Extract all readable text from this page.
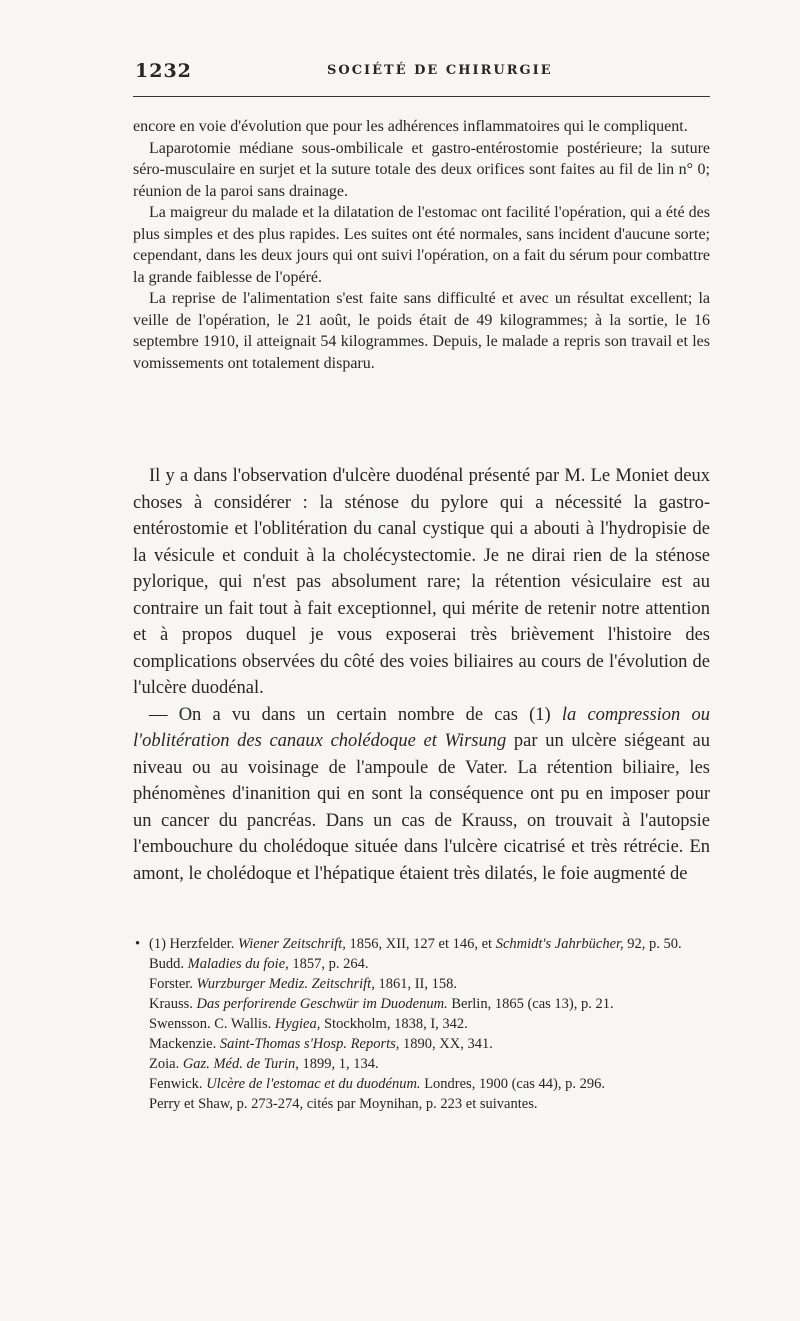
1232	SOCIÉTÉ DE CHIRURGIE

encore en voie d'évolution que pour les adhérences inflammatoires qui le compliquent.

Laparotomie médiane sous-ombilicale et gastro-entérostomie postérieure; la suture séro-musculaire en surjet et la suture totale des deux orifices sont faites au fil de lin n° 0; réunion de la paroi sans drainage.

La maigreur du malade et la dilatation de l'estomac ont facilité l'opération, qui a été des plus simples et des plus rapides. Les suites ont été normales, sans incident d'aucune sorte; cependant, dans les deux jours qui ont suivi l'opération, on a fait du sérum pour combattre la grande faiblesse de l'opéré.

La reprise de l'alimentation s'est faite sans difficulté et avec un résultat excellent; la veille de l'opération, le 21 août, le poids était de 49 kilogrammes; à la sortie, le 16 septembre 1910, il atteignait 54 kilogrammes. Depuis, le malade a repris son travail et les vomissements ont totalement disparu.

Il y a dans l'observation d'ulcère duodénal présenté par M. Le Moniet deux choses à considérer : la sténose du pylore qui a nécessité la gastro-entérostomie et l'oblitération du canal cystique qui a abouti à l'hydropisie de la vésicule et conduit à la cholécystectomie. Je ne dirai rien de la sténose pylorique, qui n'est pas absolument rare; la rétention vésiculaire est au contraire un fait tout à fait exceptionnel, qui mérite de retenir notre attention et à propos duquel je vous exposerai très brièvement l'histoire des complications observées du côté des voies biliaires au cours de l'évolution de l'ulcère duodénal.

— On a vu dans un certain nombre de cas (1) la compression ou l'oblitération des canaux cholédoque et Wirsung par un ulcère siégeant au niveau ou au voisinage de l'ampoule de Vater. La rétention biliaire, les phénomènes d'inanition qui en sont la conséquence ont pu en imposer pour un cancer du pancréas. Dans un cas de Krauss, on trouvait à l'autopsie l'embouchure du cholédoque située dans l'ulcère cicatrisé et très rétrécie. En amont, le cholédoque et l'hépatique étaient très dilatés, le foie augmenté de

• (1) Herzfelder. Wiener Zeitschrift, 1856, XII, 127 et 146, et Schmidt's Jahrbücher, 92, p. 50.

Budd. Maladies du foie, 1857, p. 264.

Forster. Wurzburger Mediz. Zeitschrift, 1861, II, 158.

Krauss. Das perforirende Geschwür im Duodenum. Berlin, 1865 (cas 13), p. 21.

Swensson. C. Wallis. Hygiea, Stockholm, 1838, I, 342.

Mackenzie. Saint-Thomas s'Hosp. Reports, 1890, XX, 341.

Zoia. Gaz. Méd. de Turin, 1899, 1, 134.

Fenwick. Ulcère de l'estomac et du duodénum. Londres, 1900 (cas 44), p. 296.

Perry et Shaw, p. 273-274, cités par Moynihan, p. 223 et suivantes.
